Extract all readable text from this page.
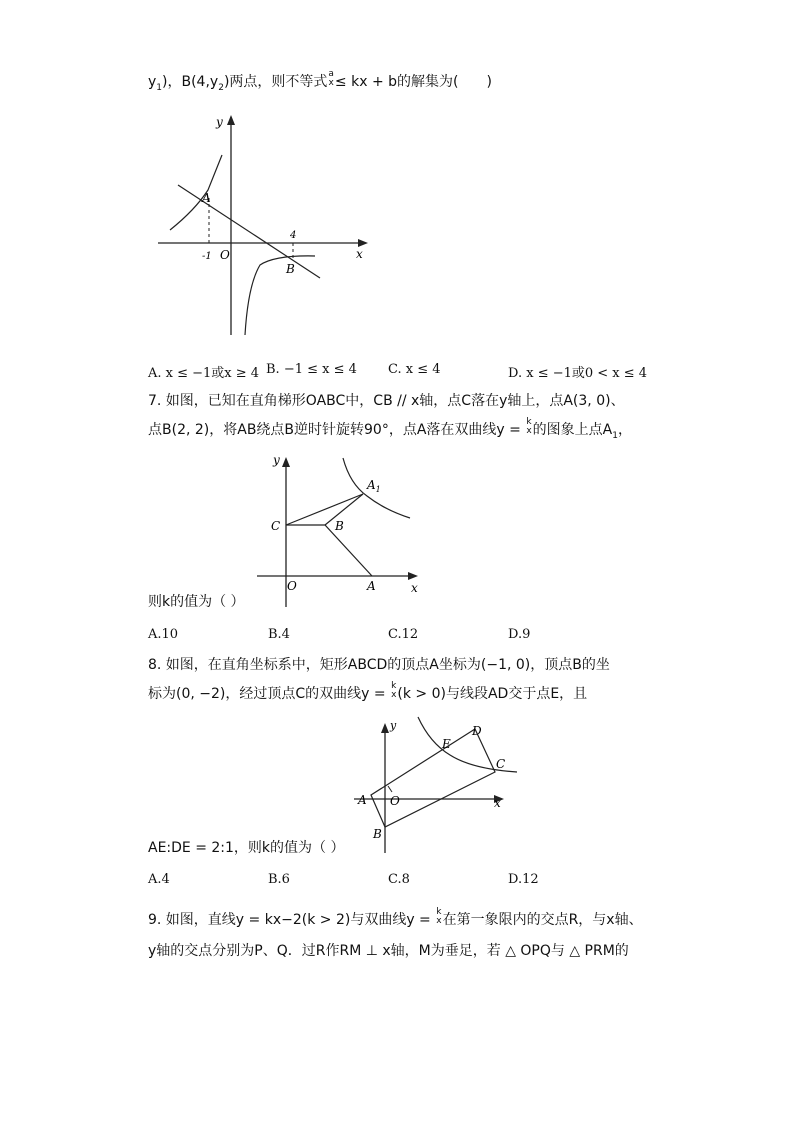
$y_1$)，$B(4,y_2)$两点，则不等式 a
x ≤ kx + b的解集为(　　)
y
x
A
B
O
-1
4
A. x ≤ −1或x ≥ 4 B. −1 ≤ x ≤ 4 C. x ≤ 4	D. x ≤ −1或0 < x ≤ 4
7. 如图，已知在直角梯形OABC中，CB // x轴，点C落在y轴上，点A(3, 0)、
点B(2, 2)，将AB绕点B逆时针旋转90°，点A落在双曲线y = k
x 的图象上点$A_1$，
y
x
C	B
A
O
$A_1$
则k的值为（ ）
A.10	B.4	C.12	D.9
8. 如图，在直角坐标系中，矩形ABCD的顶点A坐标为(−1, 0)，顶点B的坐
标为(0, −2)，经过顶点C的双曲线y = k
x (k > 0)与线段AD交于点E，且
y
x
A
B
C
D
E
O
AE:DE = 2:1，则k的值为（ ）
A.4	B.6	C.8	D.12
9. 如图，直线y = kx−2(k > 2)与双曲线y = k
x 在第一象限内的交点R，与x轴、
y轴的交点分别为P、Q．过R作RM ⊥ x轴，M为垂足，若 △ OPQ与 △ PRM的
